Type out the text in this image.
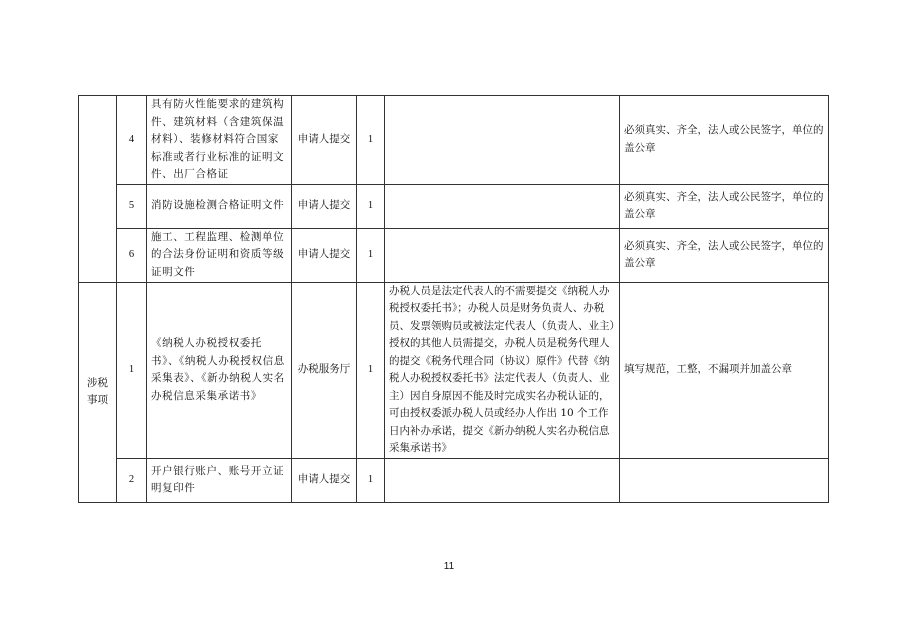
	4	具有防火性能要求的建筑构件、建筑材料（含建筑保温材料）、装修材料符合国家标准或者行业标准的证明文件、出厂合格证	申请人提交	1		必须真实、齐全，法人或公民签字，单位的盖公章
	5	消防设施检测合格证明文件	申请人提交	1		必须真实、齐全，法人或公民签字，单位的盖公章
	6	施工、工程监理、检测单位的合法身份证明和资质等级证明文件	申请人提交	1		必须真实、齐全，法人或公民签字，单位的盖公章
涉税事项	1	《纳税人办税授权委托书》、《纳税人办税授权信息采集表》、《新办纳税人实名办税信息采集承诺书》	办税服务厅	1	办税人员是法定代表人的不需要提交《纳税人办税授权委托书》；办税人员是财务负责人、办税员、发票领购员或被法定代表人（负责人、业主）授权的其他人员需提交，办税人员是税务代理人的提交《税务代理合同（协议）原件》代替《纳税人办税授权委托书》法定代表人（负责人、业主）因自身原因不能及时完成实名办税认证的，可由授权委派办税人员或经办人作出 10 个工作日内补办承诺，提交《新办纳税人实名办税信息采集承诺书》	填写规范，工整，不漏项并加盖公章
	2	开户银行账户、账号开立证明复印件	申请人提交	1		
11
